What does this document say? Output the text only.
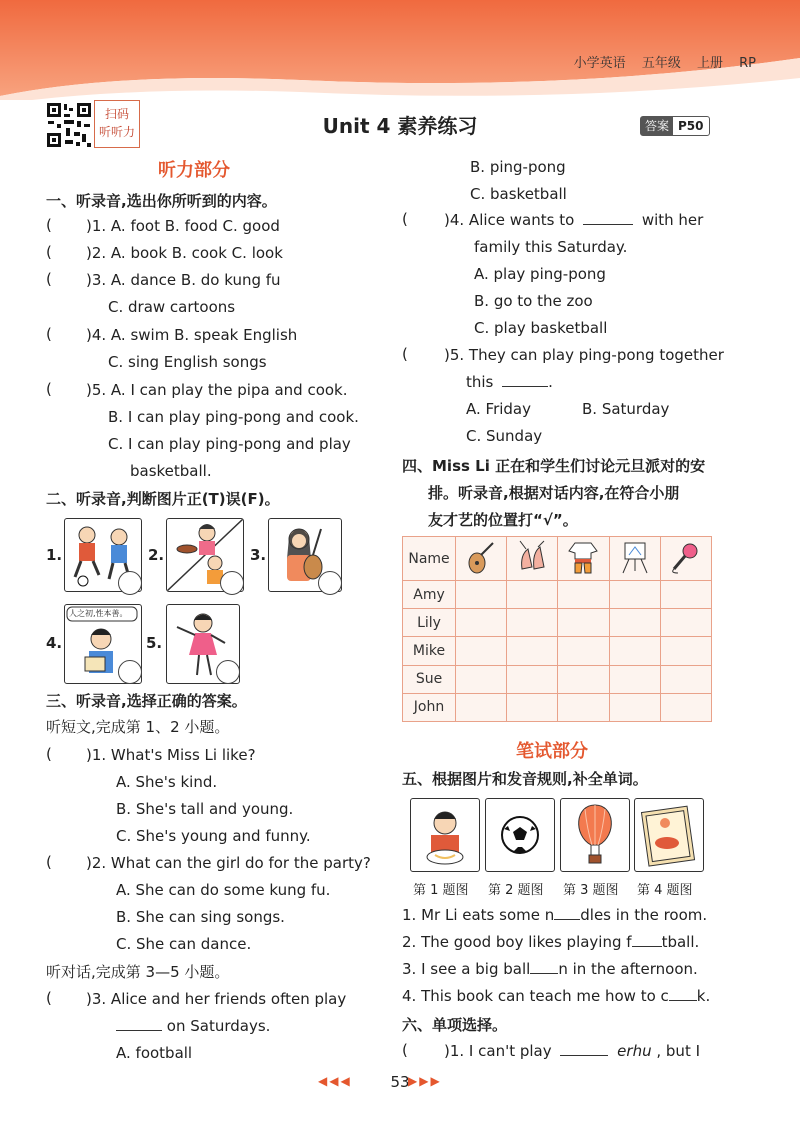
小学英语 五年级 上册 RP
扫码
听听力	Unit 4 素养练习	答案 P50
听力部分
一、听录音,选出你所听到的内容。
( )1. A. foot B. food C. good
( )2. A. book B. cook C. look
( )3. A. dance B. do kung fu
C. draw cartoons
( )4. A. swim B. speak English
C. sing English songs
( )5. A. I can play the pipa and cook.
B. I can play ping-pong and cook.
C. I can play ping-pong and play
basketball.
二、听录音,判断图片正(T)误(F)。
1.	2.	3.
4.
人之初,性本善。
5.
三、听录音,选择正确的答案。
听短文,完成第 1、2 小题。
( )1. What's Miss Li like?
A. She's kind.
B. She's tall and young.
C. She's young and funny.
( )2. What can the girl do for the party?
A. She can do some kung fu.
B. She can sing songs.
C. She can dance.
听对话,完成第 3—5 小题。
( )3. Alice and her friends often play
on Saturdays.
A. football
B. ping-pong
C. basketball
( )4. Alice wants to	with her
family this Saturday.
A. play ping-pong
B. go to the zoo
C. play basketball
( )5. They can play ping-pong together
this	.
A. Friday	B. Saturday
C. Sunday
四、Miss Li 正在和学生们讨论元旦派对的安
排。听录音,根据对话内容,在符合小朋
友才艺的位置打“√”。
Name					
Amy					
Lily					
Mike					
Sue					
John					
笔试部分
五、根据图片和发音规则,补全单词。
第 1 题图 第 2 题图 第 3 题图 第 4 题图
1. Mr Li eats some n dles in the room.
2. The good boy likes playing f tball.
3. I see a big ball n in the afternoon.
4. This book can teach me how to c k.
六、单项选择。
( )1. I can't play	erhu , but I
◀◀◀	53
▶▶▶
